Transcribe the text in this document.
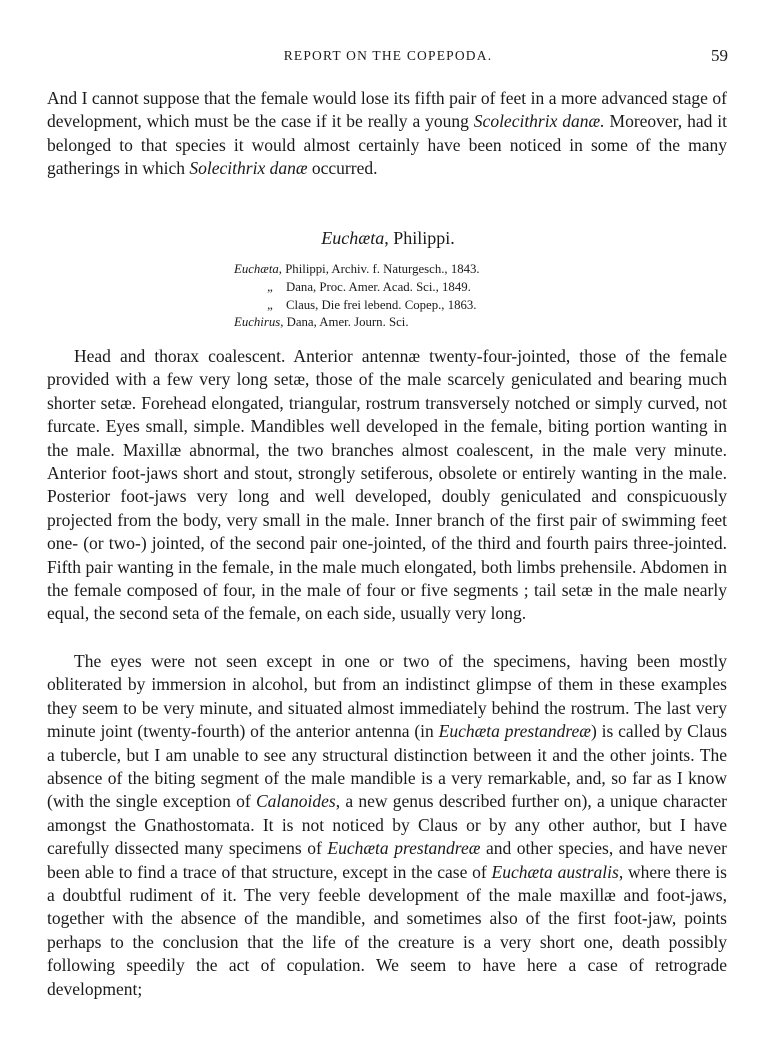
REPORT ON THE COPEPODA.	59

And I cannot suppose that the female would lose its fifth pair of feet in a more advanced stage of development, which must be the case if it be really a young Scolecithrix danæ. Moreover, had it belonged to that species it would almost certainly have been noticed in some of the many gatherings in which Solecithrix danæ occurred.

Euchæta, Philippi.
Euchæta, Philippi, Archiv. f. Naturgesch., 1843.
„ Dana, Proc. Amer. Acad. Sci., 1849.
„ Claus, Die frei lebend. Copep., 1863.
Euchirus, Dana, Amer. Journ. Sci.

Head and thorax coalescent. Anterior antennæ twenty-four-jointed, those of the female provided with a few very long setæ, those of the male scarcely geniculated and bearing much shorter setæ. Forehead elongated, triangular, rostrum transversely notched or simply curved, not furcate. Eyes small, simple. Mandibles well developed in the female, biting portion wanting in the male. Maxillæ abnormal, the two branches almost coalescent, in the male very minute. Anterior foot-jaws short and stout, strongly setiferous, obsolete or entirely wanting in the male. Posterior foot-jaws very long and well developed, doubly geniculated and conspicuously projected from the body, very small in the male. Inner branch of the first pair of swimming feet one- (or two-) jointed, of the second pair one-jointed, of the third and fourth pairs three-jointed. Fifth pair wanting in the female, in the male much elongated, both limbs prehensile. Abdomen in the female composed of four, in the male of four or five segments ; tail setæ in the male nearly equal, the second seta of the female, on each side, usually very long.

The eyes were not seen except in one or two of the specimens, having been mostly obliterated by immersion in alcohol, but from an indistinct glimpse of them in these examples they seem to be very minute, and situated almost immediately behind the rostrum. The last very minute joint (twenty-fourth) of the anterior antenna (in Euchæta prestandreæ) is called by Claus a tubercle, but I am unable to see any structural distinction between it and the other joints. The absence of the biting segment of the male mandible is a very remarkable, and, so far as I know (with the single exception of Calanoides, a new genus described further on), a unique character amongst the Gnathostomata. It is not noticed by Claus or by any other author, but I have carefully dissected many specimens of Euchæta prestandreæ and other species, and have never been able to find a trace of that structure, except in the case of Euchæta australis, where there is a doubtful rudiment of it. The very feeble development of the male maxillæ and foot-jaws, together with the absence of the mandible, and sometimes also of the first foot-jaw, points perhaps to the conclusion that the life of the creature is a very short one, death possibly following speedily the act of copulation. We seem to have here a case of retrograde development;
